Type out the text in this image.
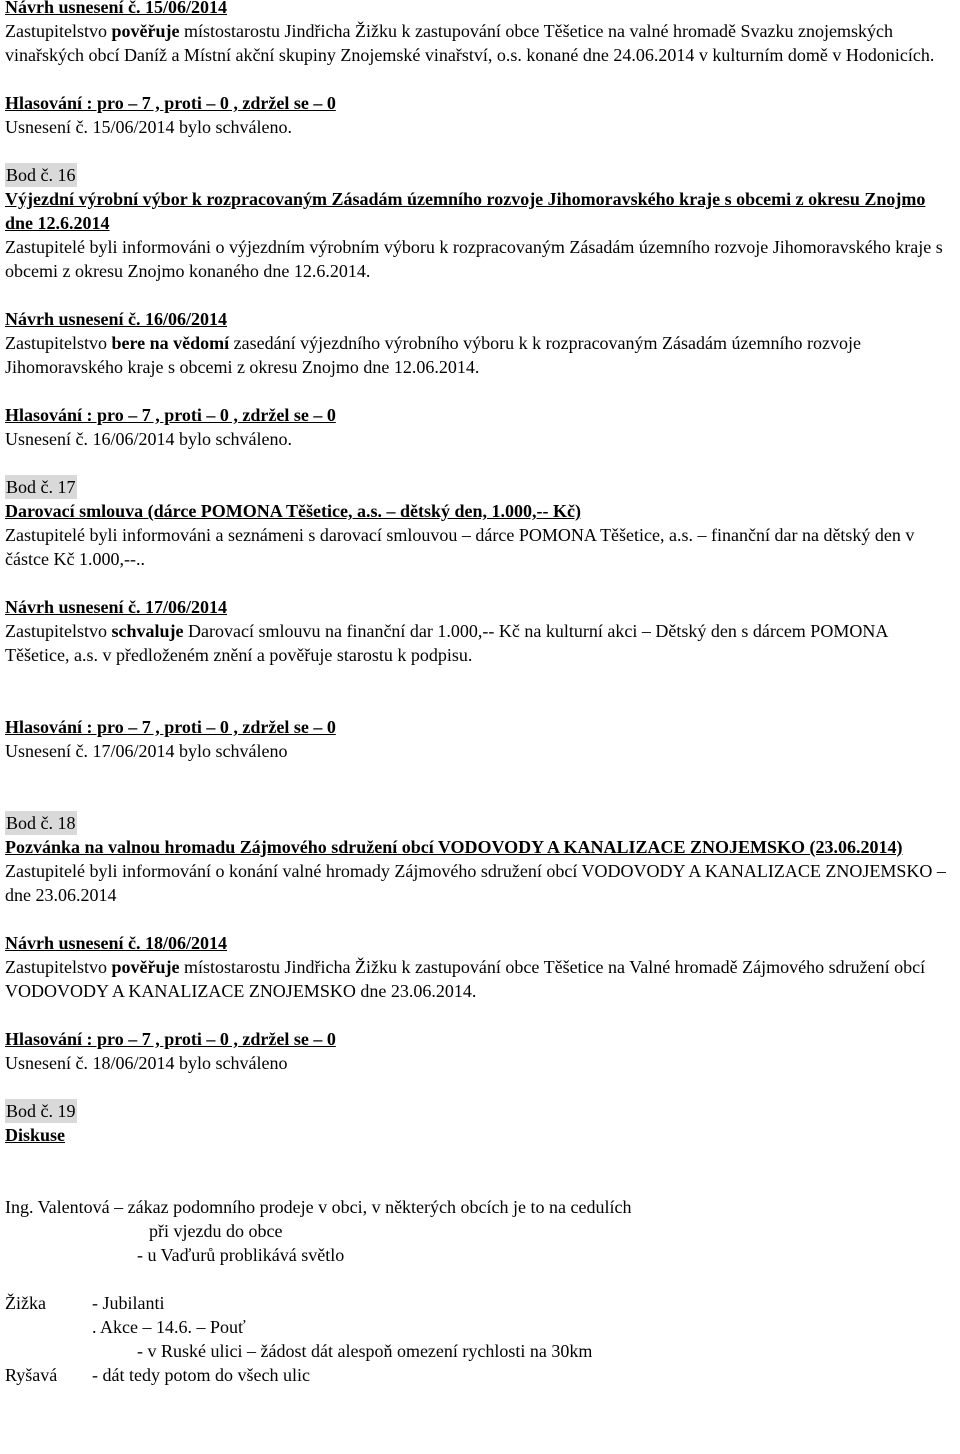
Návrh usnesení č. 15/06/2014

Zastupitelstvo pověřuje místostarostu Jindřicha Žižku k zastupování obce Těšetice na valné hromadě Svazku znojemských vinařských obcí Daníž a Místní akční skupiny Znojemské vinařství, o.s. konané dne 24.06.2014 v kulturním domě v Hodonicích.

Hlasování : pro – 7 , proti – 0 , zdržel se – 0

Usnesení č. 15/06/2014 bylo schváleno.

Bod č. 16

Výjezdní výrobní výbor k rozpracovaným Zásadám územního rozvoje Jihomoravského kraje s obcemi z okresu Znojmo dne 12.6.2014

Zastupitelé byli informováni o výjezdním výrobním výboru k rozpracovaným Zásadám územního rozvoje Jihomoravského kraje s obcemi z okresu Znojmo konaného dne 12.6.2014.

Návrh usnesení č. 16/06/2014

Zastupitelstvo bere na vědomí zasedání výjezdního výrobního výboru k k rozpracovaným Zásadám územního rozvoje Jihomoravského kraje s obcemi z okresu Znojmo dne 12.06.2014.

Hlasování : pro – 7 , proti – 0 , zdržel se – 0

Usnesení č. 16/06/2014 bylo schváleno.

Bod č. 17

Darovací smlouva (dárce POMONA Těšetice, a.s. – dětský den, 1.000,-- Kč)

Zastupitelé byli informováni a seznámeni s darovací smlouvou – dárce POMONA Těšetice, a.s. – finanční dar na dětský den v částce Kč 1.000,--..

Návrh usnesení č. 17/06/2014

Zastupitelstvo schvaluje Darovací smlouvu na finanční dar 1.000,-- Kč na kulturní akci – Dětský den s dárcem POMONA Těšetice, a.s. v předloženém znění a pověřuje starostu k podpisu.

Hlasování : pro – 7 , proti – 0 , zdržel se – 0

Usnesení č. 17/06/2014 bylo schváleno

Bod č. 18

Pozvánka na valnou hromadu Zájmového sdružení obcí VODOVODY A KANALIZACE ZNOJEMSKO (23.06.2014)

Zastupitelé byli informování o konání valné hromady Zájmového sdružení obcí VODOVODY A KANALIZACE ZNOJEMSKO – dne 23.06.2014

Návrh usnesení č. 18/06/2014

Zastupitelstvo pověřuje místostarostu Jindřicha Žižku k zastupování obce Těšetice na Valné hromadě Zájmového sdružení obcí VODOVODY A KANALIZACE ZNOJEMSKO dne 23.06.2014.

Hlasování : pro – 7 , proti – 0 , zdržel se – 0

Usnesení č. 18/06/2014 bylo schváleno

Bod č. 19

Diskuse

Ing. Valentová – zákaz podomního prodeje v obci, v některých obcích je to na cedulích

při vjezdu do obce

- u Vaďurů problikává světlo

Žižka	- Jubilanti

. Akce – 14.6. – Pouť

- v Ruské ulici – žádost dát alespoň omezení rychlosti na 30km

Ryšavá - dát tedy potom do všech ulic
